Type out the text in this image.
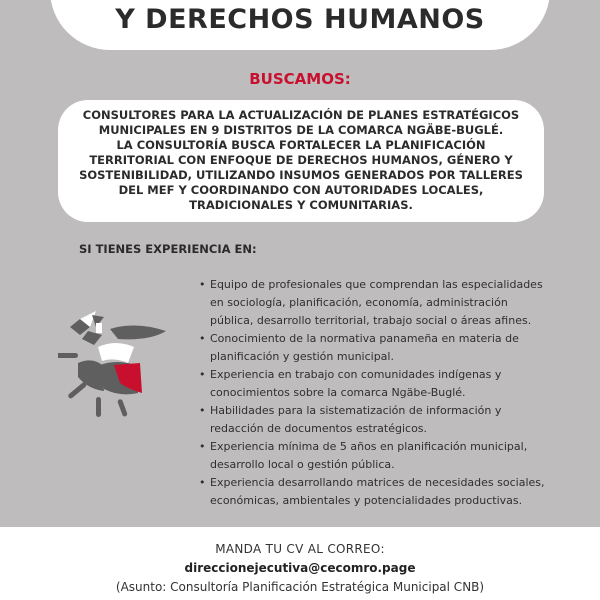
Y DERECHOS HUMANOS
BUSCAMOS:
CONSULTORES PARA LA ACTUALIZACIÓN DE PLANES ESTRATÉGICOS
MUNICIPALES EN 9 DISTRITOS DE LA COMARCA NGÄBE-BUGLÉ.
LA CONSULTORÍA BUSCA FORTALECER LA PLANIFICACIÓN
TERRITORIAL CON ENFOQUE DE DERECHOS HUMANOS, GÉNERO Y
SOSTENIBILIDAD, UTILIZANDO INSUMOS GENERADOS POR TALLERES
DEL MEF Y COORDINANDO CON AUTORIDADES LOCALES,
TRADICIONALES Y COMUNITARIAS.
SI TIENES EXPERIENCIA EN:
• Equipo de profesionales que comprendan las especialidades
en sociología, planificación, economía, administración
pública, desarrollo territorial, trabajo social o áreas afines.
• Conocimiento de la normativa panameña en materia de
planificación y gestión municipal.
• Experiencia en trabajo con comunidades indígenas y
conocimientos sobre la comarca Ngäbe-Buglé.
• Habilidades para la sistematización de información y
redacción de documentos estratégicos.
• Experiencia mínima de 5 años en planificación municipal,
desarrollo local o gestión pública.
• Experiencia desarrollando matrices de necesidades sociales,
económicas, ambientales y potencialidades productivas.
MANDA TU CV AL CORREO:
direccionejecutiva@cecomro.page
(Asunto: Consultoría Planificación Estratégica Municipal CNB)
